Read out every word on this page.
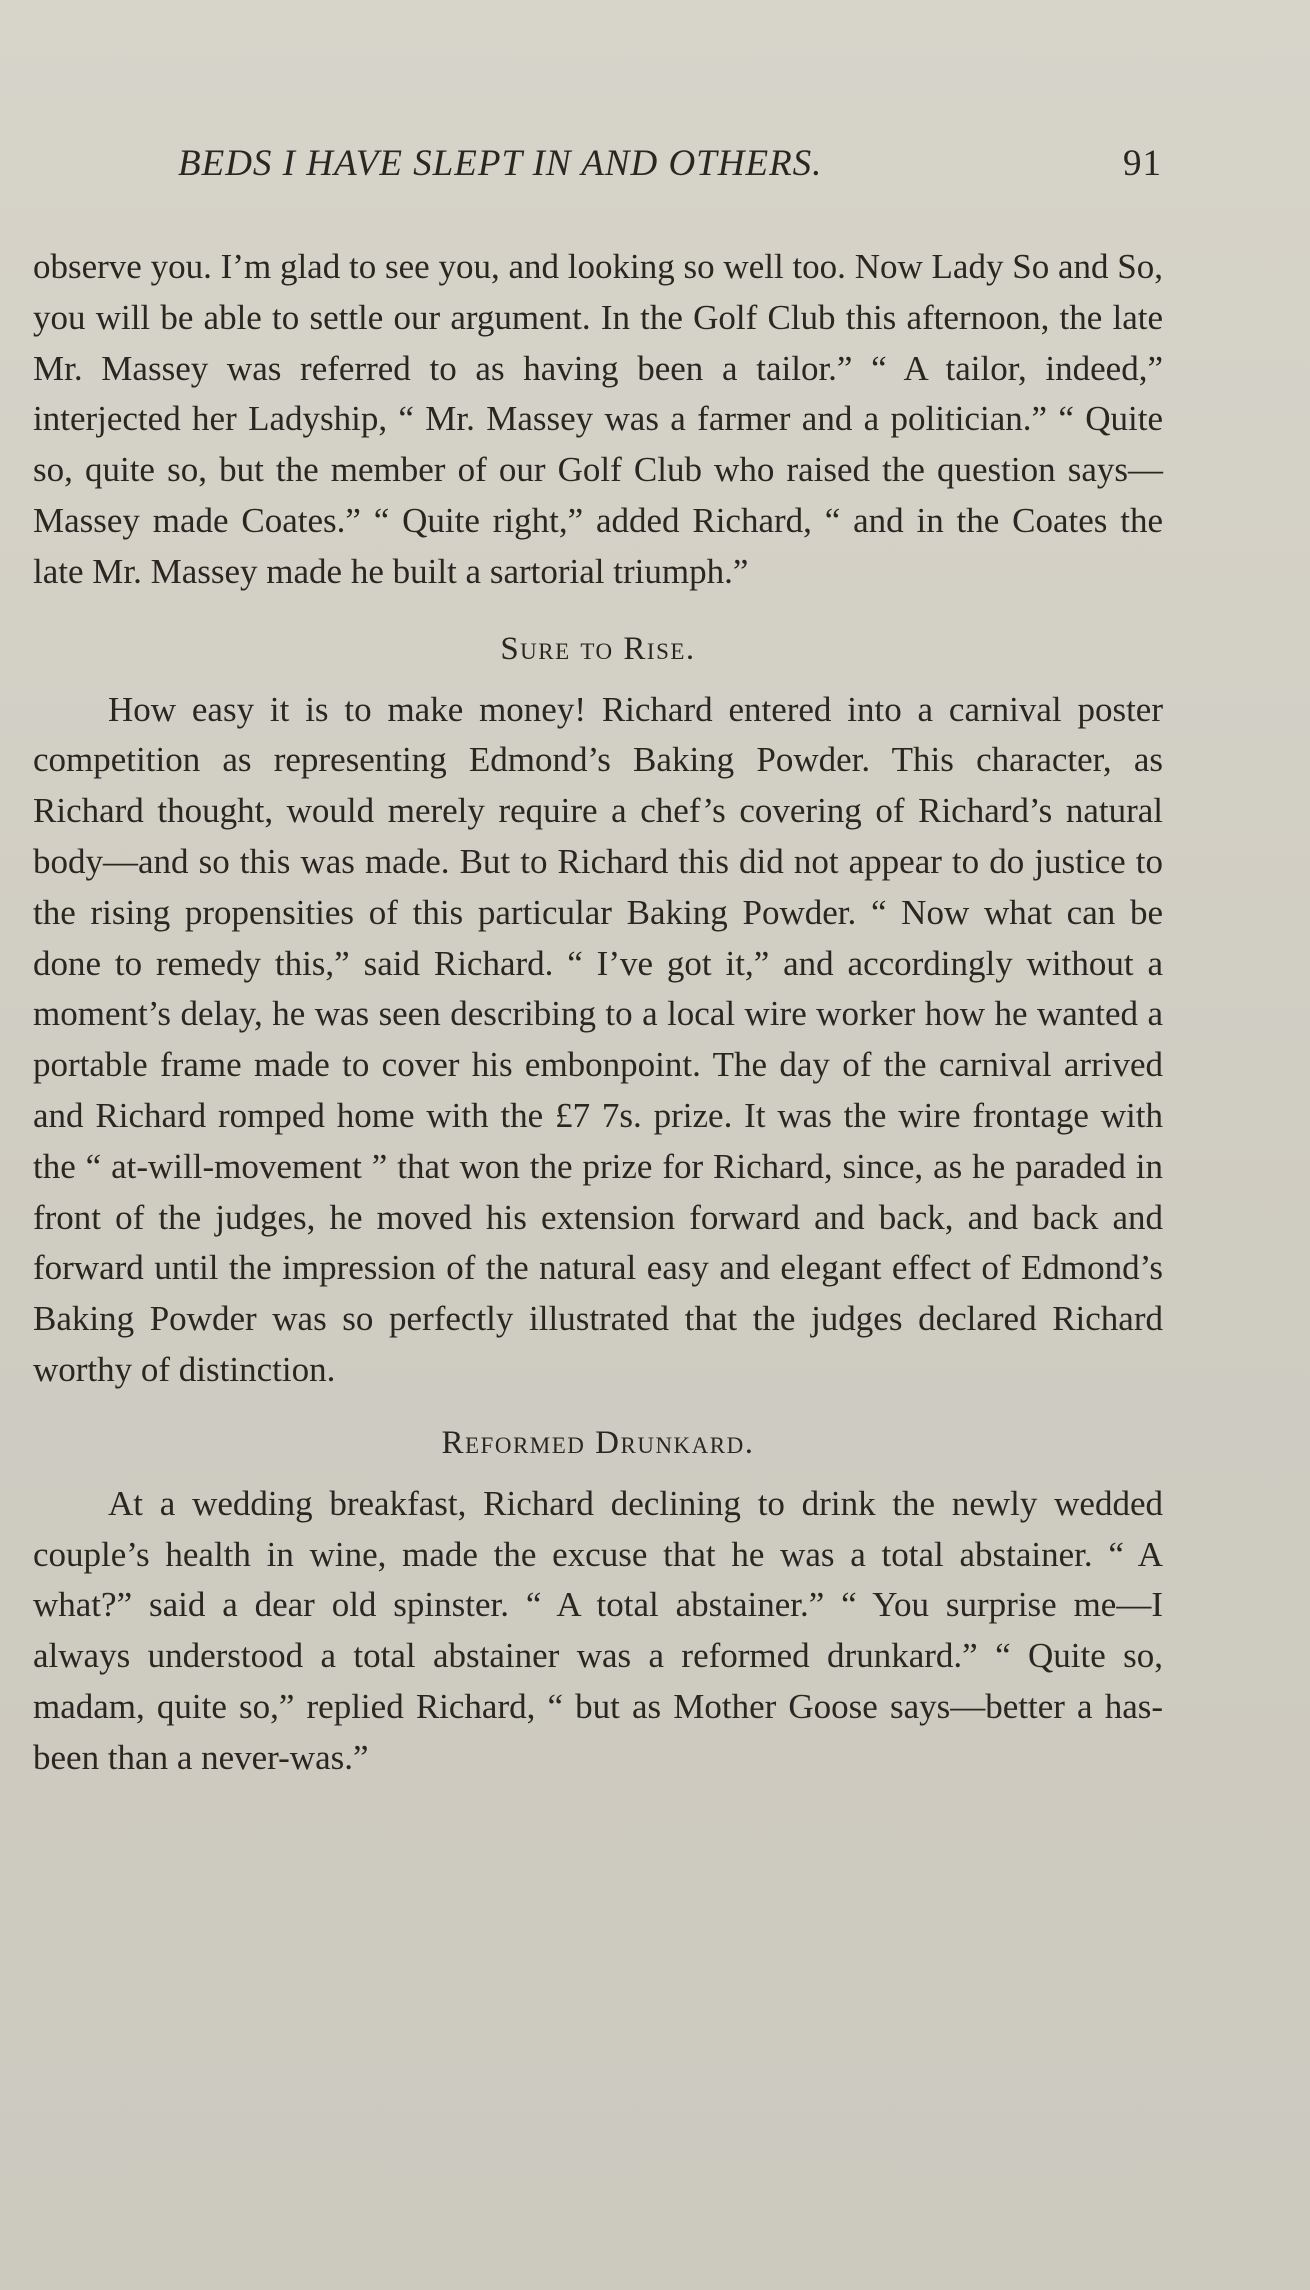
BEDS I HAVE SLEPT IN AND OTHERS.	91

observe you. I’m glad to see you, and looking so well too. Now Lady So and So, you will be able to settle our argument. In the Golf Club this afternoon, the late Mr. Massey was referred to as having been a tailor.” “ A tailor, indeed,” interjected her Ladyship, “ Mr. Massey was a farmer and a politician.” “ Quite so, quite so, but the member of our Golf Club who raised the question says—Massey made Coates.” “ Quite right,” added Richard, “ and in the Coates the late Mr. Massey made he built a sartorial triumph.”

Sure to Rise.

How easy it is to make money! Richard entered into a carnival poster competition as representing Edmond’s Baking Powder. This character, as Richard thought, would merely require a chef’s covering of Richard’s natural body—and so this was made. But to Richard this did not appear to do justice to the rising propensities of this particular Baking Powder. “ Now what can be done to remedy this,” said Richard. “ I’ve got it,” and accordingly without a moment’s delay, he was seen describing to a local wire worker how he wanted a portable frame made to cover his embonpoint. The day of the carnival arrived and Richard romped home with the £7 7s. prize. It was the wire frontage with the “ at-will-movement ” that won the prize for Richard, since, as he paraded in front of the judges, he moved his extension forward and back, and back and forward until the impression of the natural easy and elegant effect of Edmond’s Baking Powder was so perfectly illustrated that the judges declared Richard worthy of distinction.

Reformed Drunkard.

At a wedding breakfast, Richard declining to drink the newly wedded couple’s health in wine, made the excuse that he was a total abstainer. “ A what?” said a dear old spinster. “ A total abstainer.” “ You surprise me—I always understood a total abstainer was a reformed drunkard.” “ Quite so, madam, quite so,” replied Richard, “ but as Mother Goose says—better a has-been than a never-was.”
